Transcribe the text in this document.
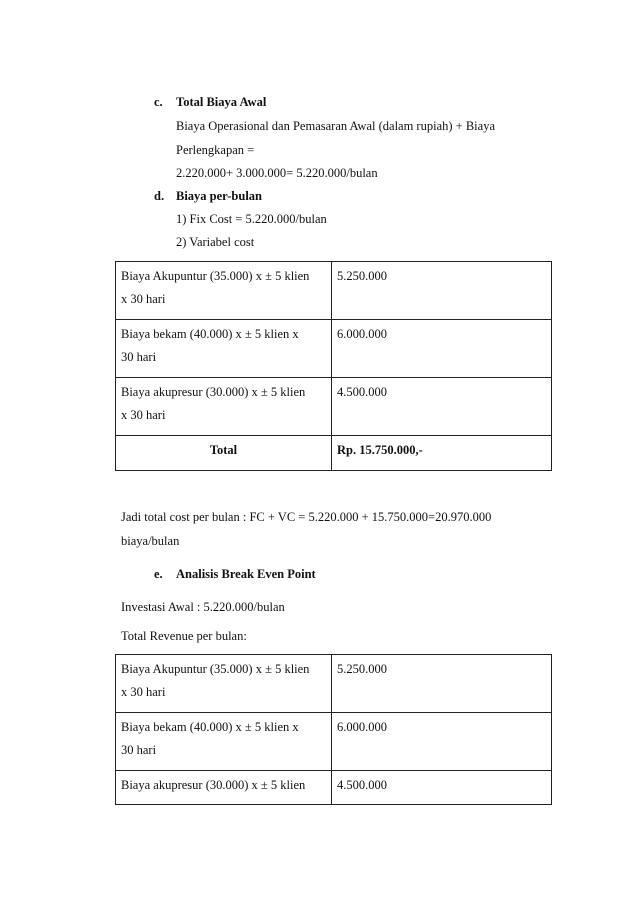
c. Total Biaya Awal
Biaya Operasional dan Pemasaran Awal (dalam rupiah) + Biaya
Perlengkapan =
2.220.000+ 3.000.000= 5.220.000/bulan
d. Biaya per-bulan
1) Fix Cost = 5.220.000/bulan
2) Variabel cost
Biaya Akupuntur (35.000) x ± 5 klien
x 30 hari	5.250.000
Biaya bekam (40.000) x ± 5 klien x
30 hari	6.000.000
Biaya akupresur (30.000) x ± 5 klien
x 30 hari	4.500.000
Total	Rp. 15.750.000,-
Jadi total cost per bulan : FC + VC = 5.220.000 + 15.750.000=20.970.000
biaya/bulan
e. Analisis Break Even Point
Investasi Awal : 5.220.000/bulan
Total Revenue per bulan:
Biaya Akupuntur (35.000) x ± 5 klien
x 30 hari	5.250.000
Biaya bekam (40.000) x ± 5 klien x
30 hari	6.000.000
Biaya akupresur (30.000) x ± 5 klien	4.500.000
